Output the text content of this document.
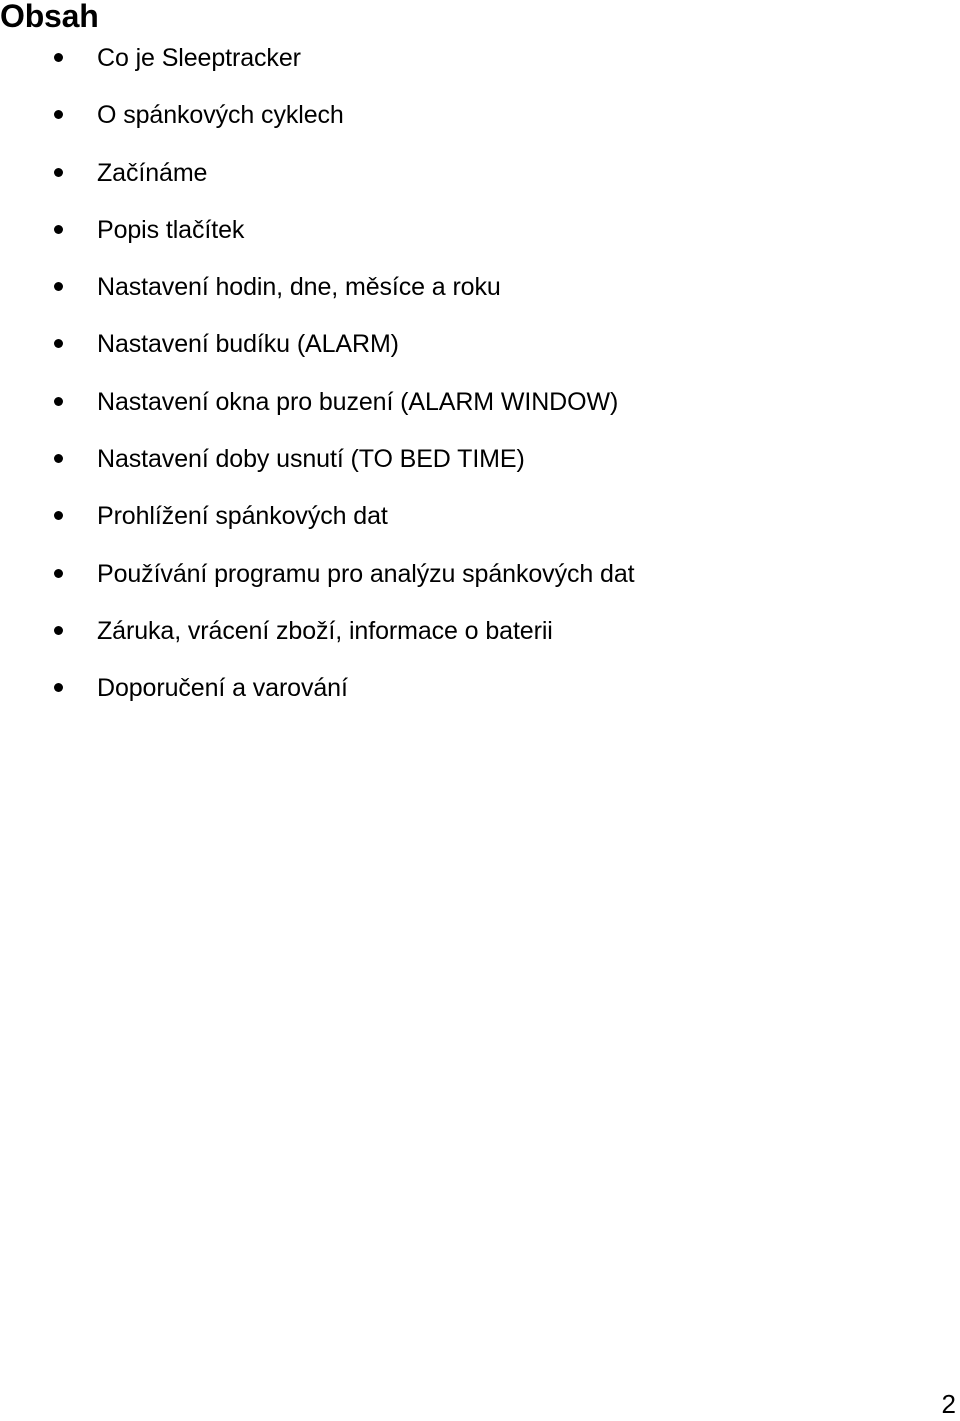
Obsah
Co je Sleeptracker
O spánkových cyklech
Začínáme
Popis tlačítek
Nastavení hodin, dne, měsíce a roku
Nastavení budíku (ALARM)
Nastavení okna pro buzení (ALARM WINDOW)
Nastavení doby usnutí (TO BED TIME)
Prohlížení spánkových dat
Používání programu pro analýzu spánkových dat
Záruka, vrácení zboží, informace o baterii
Doporučení a varování
2
